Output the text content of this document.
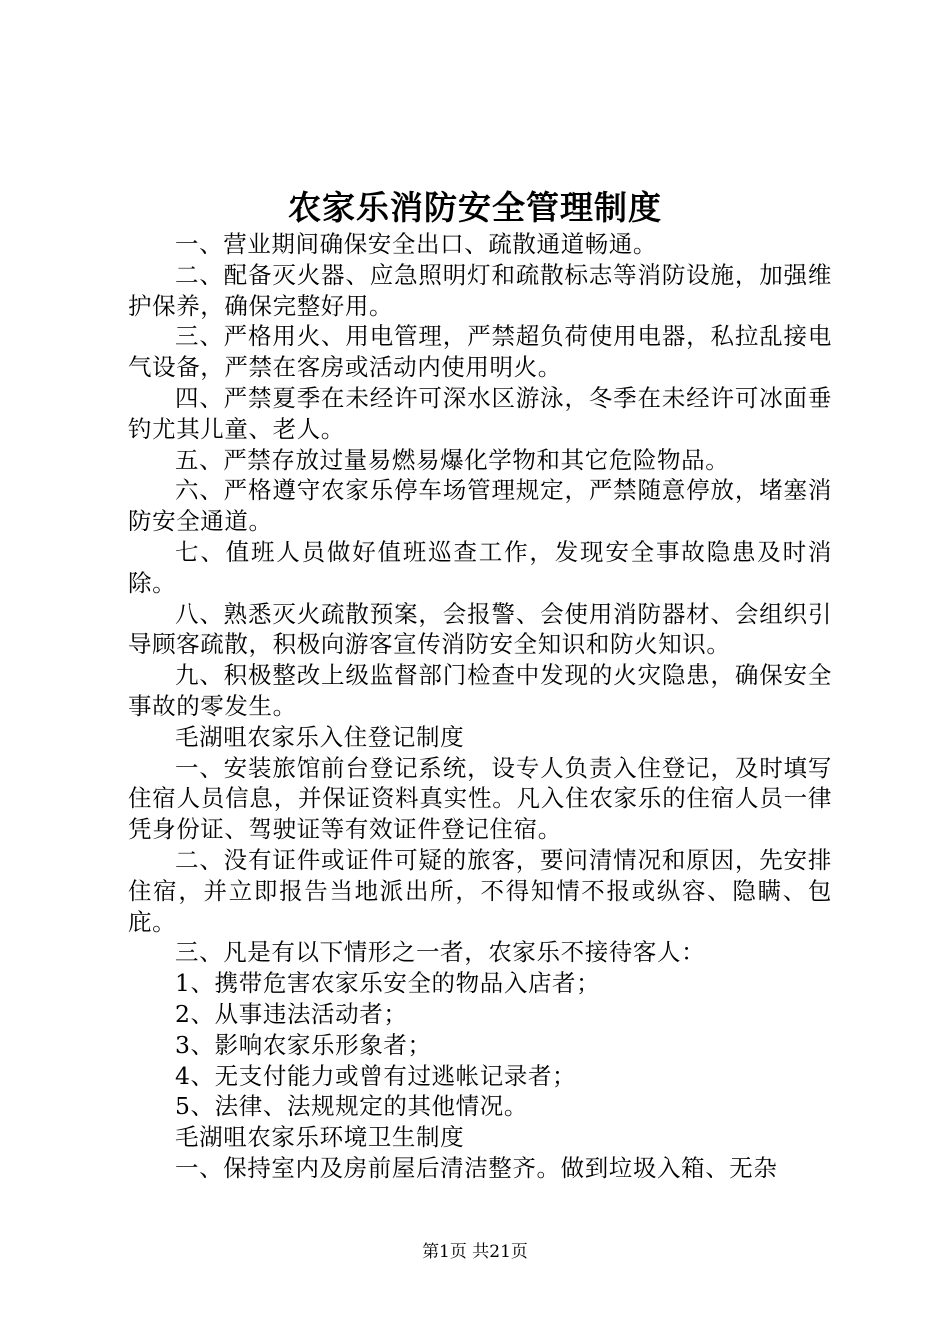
农家乐消防安全管理制度

一、营业期间确保安全出口、疏散通道畅通。

二、配备灭火器、应急照明灯和疏散标志等消防设施，加强维护保养，确保完整好用。

三、严格用火、用电管理，严禁超负荷使用电器，私拉乱接电气设备，严禁在客房或活动内使用明火。

四、严禁夏季在未经许可深水区游泳，冬季在未经许可冰面垂钓尤其儿童、老人。

五、严禁存放过量易燃易爆化学物和其它危险物品。

六、严格遵守农家乐停车场管理规定，严禁随意停放，堵塞消防安全通道。

七、值班人员做好值班巡查工作，发现安全事故隐患及时消除。

八、熟悉灭火疏散预案，会报警、会使用消防器材、会组织引导顾客疏散，积极向游客宣传消防安全知识和防火知识。

九、积极整改上级监督部门检查中发现的火灾隐患，确保安全事故的零发生。

毛湖咀农家乐入住登记制度

一、安装旅馆前台登记系统，设专人负责入住登记，及时填写住宿人员信息，并保证资料真实性。凡入住农家乐的住宿人员一律凭身份证、驾驶证等有效证件登记住宿。

二、没有证件或证件可疑的旅客，要问清情况和原因，先安排住宿，并立即报告当地派出所，不得知情不报或纵容、隐瞒、包庇。

三、凡是有以下情形之一者，农家乐不接待客人：

1、携带危害农家乐安全的物品入店者；

2、从事违法活动者；

3、影响农家乐形象者；

4、无支付能力或曾有过逃帐记录者；

5、法律、法规规定的其他情况。

毛湖咀农家乐环境卫生制度

一、保持室内及房前屋后清洁整齐。做到垃圾入箱、无杂

第1页 共21页
